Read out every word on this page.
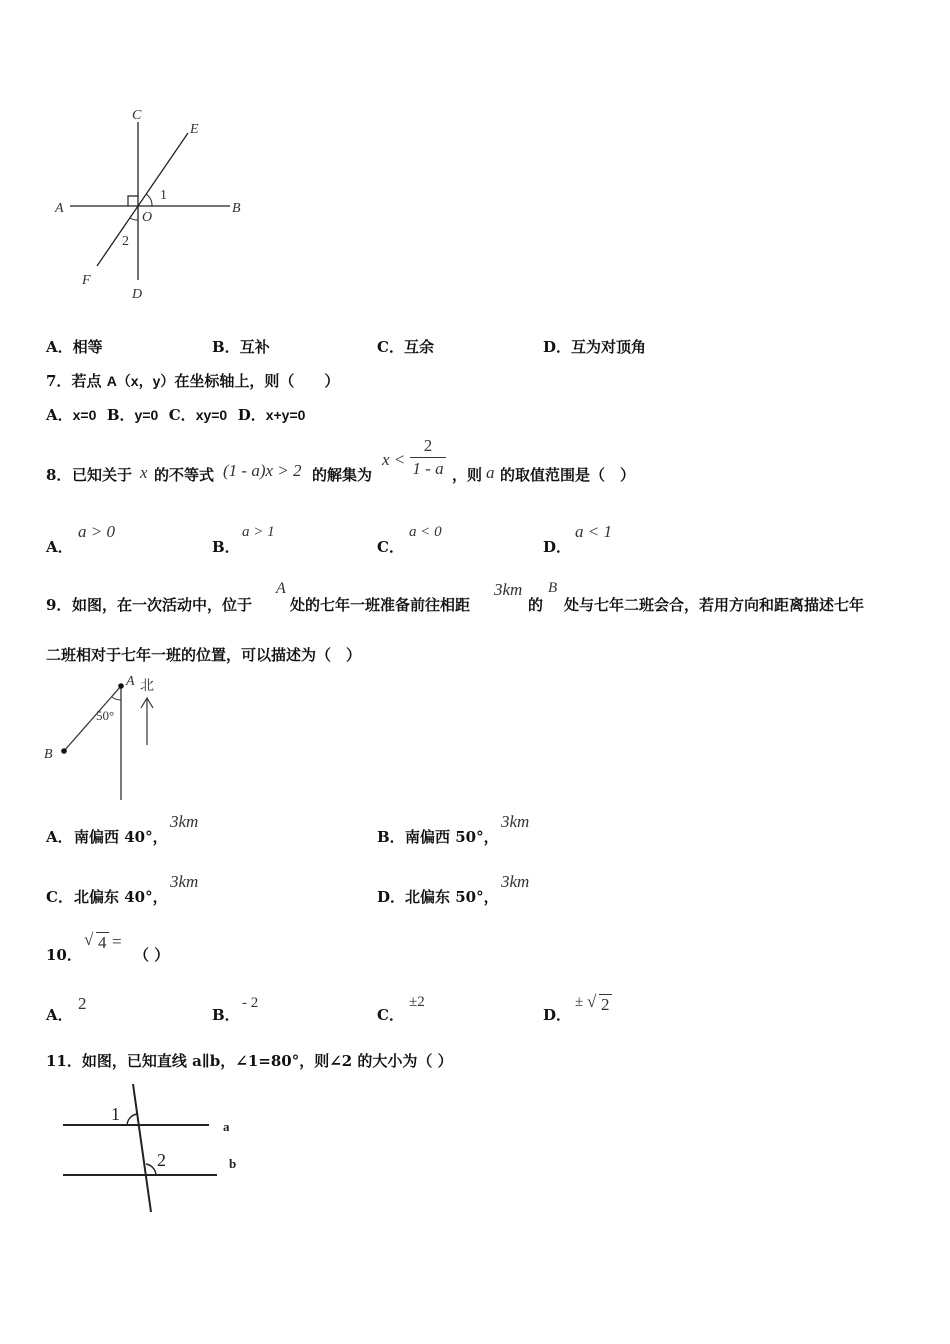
C
E
A	B
O
1
2
F
D
A．相等	B．互补	C．互余	D．互为对顶角
7．若点 A（x，y）在坐标轴上，则（　　）
A．x=0 B．y=0 C．xy=0 D．x+y=0
8． 已知关于 x 的不等式 (1 - a)x > 2 的解集为
x <
2
1 - a ，则 a 的取值范围是（　）
A．
a > 0
B．
a > 1
C．
a < 0
D．
a < 1
9． 如图，在一次活动中，位于
A
处的七年一班准备前往相距
3km
的
B
处与七年二班会合，若用方向和距离描述七年
二班相对于七年一班的位置，可以描述为（　）
A 北
50°
B
A． 南偏西 40°，
3km
B． 南偏西 50°，
3km
C． 北偏东 40°，
3km
D． 北偏东 50°，
3km
10．
√ 4 =
（ ）
A．
2
B．
- 2
C．
±2
D．
± √ 2
11．如图，已知直线 a∥b，∠1=80°，则∠2 的大小为（ ）
1
2
a
b
